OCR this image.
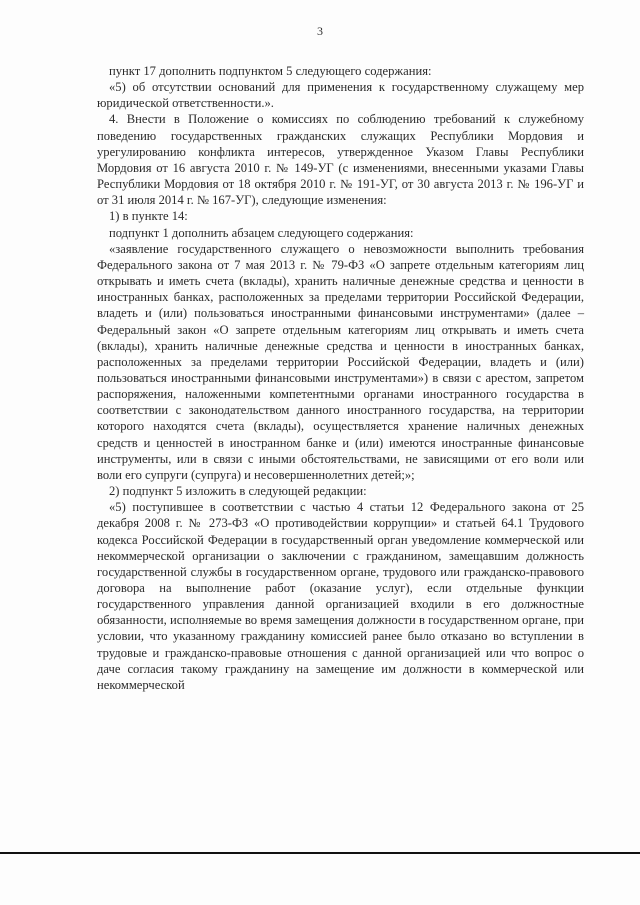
3

пункт 17 дополнить подпунктом 5 следующего содержания:

«5) об отсутствии оснований для применения к государственному служащему мер юридической ответственности.».

4. Внести в Положение о комиссиях по соблюдению требований к служебному поведению государственных гражданских служащих Республики Мордовия и урегулированию конфликта интересов, утвержденное Указом Главы Республики Мордовия от 16 августа 2010 г. № 149-УГ (с изменениями, внесенными указами Главы Республики Мордовия от 18 октября 2010 г. № 191-УГ, от 30 августа 2013 г. № 196-УГ и от 31 июля 2014 г. № 167-УГ), следующие изменения:

1) в пункте 14:

подпункт 1 дополнить абзацем следующего содержания:

«заявление государственного служащего о невозможности выполнить требования Федерального закона от 7 мая 2013 г. № 79-ФЗ «О запрете отдельным категориям лиц открывать и иметь счета (вклады), хранить наличные денежные средства и ценности в иностранных банках, расположенных за пределами территории Российской Федерации, владеть и (или) пользоваться иностранными финансовыми инструментами» (далее – Федеральный закон «О запрете отдельным категориям лиц открывать и иметь счета (вклады), хранить наличные денежные средства и ценности в иностранных банках, расположенных за пределами территории Российской Федерации, владеть и (или) пользоваться иностранными финансовыми инструментами») в связи с арестом, запретом распоряжения, наложенными компетентными органами иностранного государства в соответствии с законодательством данного иностранного государства, на территории которого находятся счета (вклады), осуществляется хранение наличных денежных средств и ценностей в иностранном банке и (или) имеются иностранные финансовые инструменты, или в связи с иными обстоятельствами, не зависящими от его воли или воли его супруги (супруга) и несовершеннолетних детей;»;

2) подпункт 5 изложить в следующей редакции:

«5) поступившее в соответствии с частью 4 статьи 12 Федерального закона от 25 декабря 2008 г. № 273-ФЗ «О противодействии коррупции» и статьей 64.1 Трудового кодекса Российской Федерации в государственный орган уведомление коммерческой или некоммерческой организации о заключении с гражданином, замещавшим должность государственной службы в государственном органе, трудового или гражданско-правового договора на выполнение работ (оказание услуг), если отдельные функции государственного управления данной организацией входили в его должностные обязанности, исполняемые во время замещения должности в государственном органе, при условии, что указанному гражданину комиссией ранее было отказано во вступлении в трудовые и гражданско-правовые отношения с данной организацией или что вопрос о даче согласия такому гражданину на замещение им должности в коммерческой или некоммерческой
